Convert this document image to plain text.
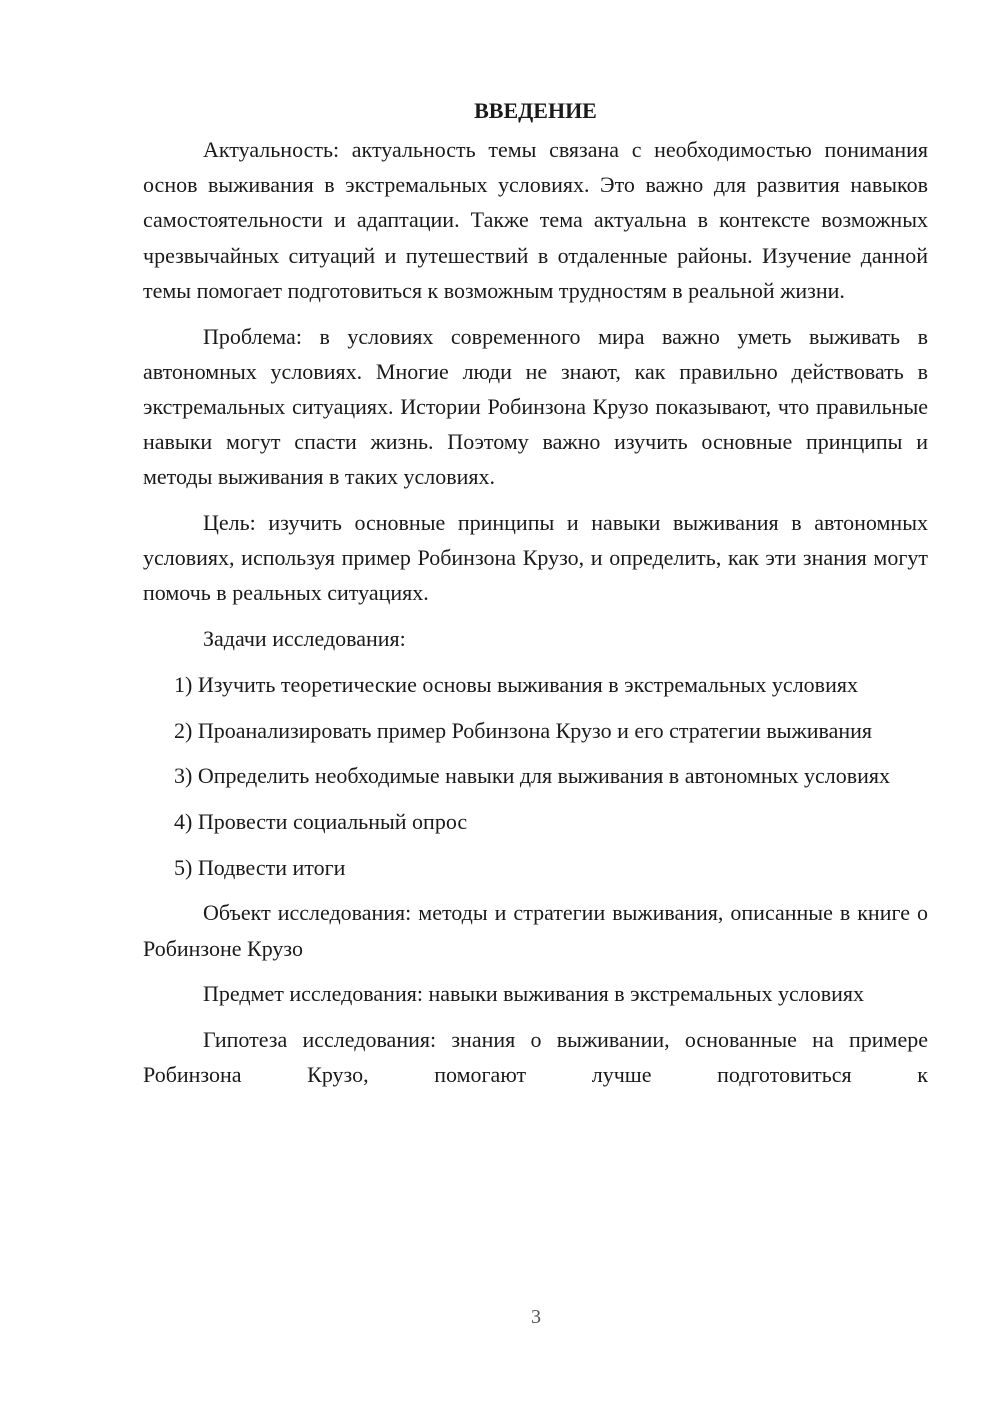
ВВЕДЕНИЕ

Актуальность: актуальность темы связана с необходимостью понимания основ выживания в экстремальных условиях. Это важно для развития навыков самостоятельности и адаптации. Также тема актуальна в контексте возможных чрезвычайных ситуаций и путешествий в отдаленные районы. Изучение данной темы помогает подготовиться к возможным трудностям в реальной жизни.

Проблема: в условиях современного мира важно уметь выживать в автономных условиях. Многие люди не знают, как правильно действовать в экстремальных ситуациях. Истории Робинзона Крузо показывают, что правильные навыки могут спасти жизнь. Поэтому важно изучить основные принципы и методы выживания в таких условиях.

Цель: изучить основные принципы и навыки выживания в автономных условиях, используя пример Робинзона Крузо, и определить, как эти знания могут помочь в реальных ситуациях.

Задачи исследования:

1) Изучить теоретические основы выживания в экстремальных условиях

2) Проанализировать пример Робинзона Крузо и его стратегии выживания

3) Определить необходимые навыки для выживания в автономных условиях

4) Провести социальный опрос

5) Подвести итоги

Объект исследования: методы и стратегии выживания, описанные в книге о Робинзоне Крузо

Предмет исследования: навыки выживания в экстремальных условиях

Гипотеза исследования: знания о выживании, основанные на примере Робинзона Крузо, помогают лучше подготовиться к

3
